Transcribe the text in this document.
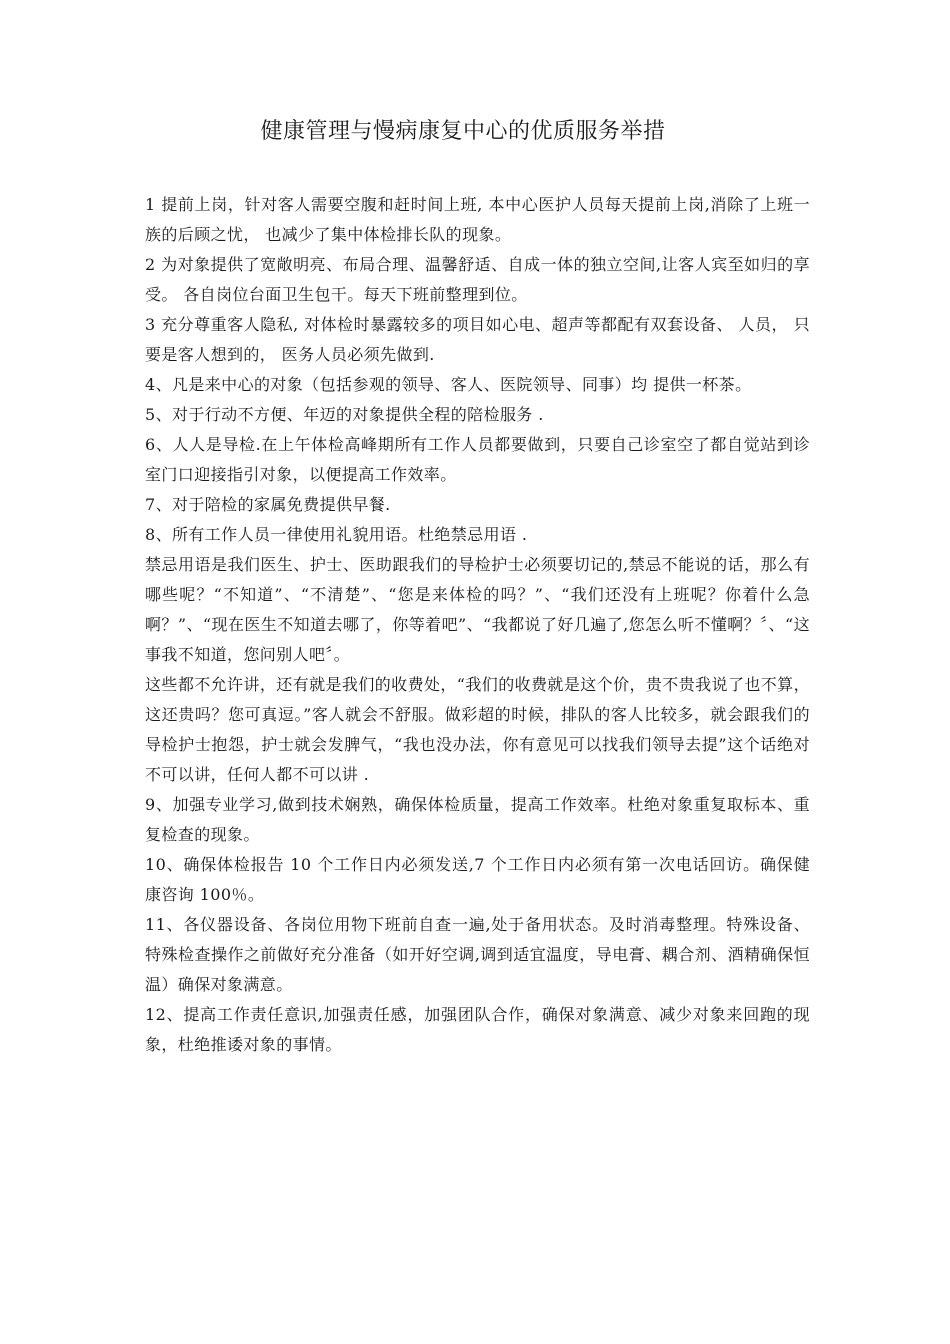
健康管理与慢病康复中心的优质服务举措

1 提前上岗，针对客人需要空腹和赶时间上班, 本中心医护人员每天提前上岗,消除了上班一族的后顾之忧， 也减少了集中体检排长队的现象。

2 为对象提供了宽敞明亮、布局合理、温馨舒适、自成一体的独立空间,让客人宾至如归的享受。 各自岗位台面卫生包干。每天下班前整理到位。

3 充分尊重客人隐私, 对体检时暴露较多的项目如心电、超声等都配有双套设备、 人员， 只要是客人想到的， 医务人员必须先做到.

4、凡是来中心的对象（包括参观的领导、客人、医院领导、同事）均 提供一杯茶。

5、对于行动不方便、年迈的对象提供全程的陪检服务 .

6、人人是导检.在上午体检高峰期所有工作人员都要做到，只要自己诊室空了都自觉站到诊室门口迎接指引对象，以便提高工作效率。

7、对于陪检的家属免费提供早餐.

8、所有工作人员一律使用礼貌用语。杜绝禁忌用语 .

禁忌用语是我们医生、护士、医助跟我们的导检护士必须要切记的,禁忌不能说的话，那么有哪些呢？“不知道”、“不清楚”、“您是来体检的吗？”、“我们还没有上班呢？你着什么急啊？”、“现在医生不知道去哪了，你等着吧”、“我都说了好几遍了,您怎么听不懂啊？〞、“这事我不知道，您问别人吧〞。

这些都不允许讲，还有就是我们的收费处，“我们的收费就是这个价，贵不贵我说了也不算，这还贵吗？您可真逗。”客人就会不舒服。做彩超的时候，排队的客人比较多，就会跟我们的导检护士抱怨，护士就会发脾气，“我也没办法，你有意见可以找我们领导去提”这个话绝对不可以讲，任何人都不可以讲 .

9、加强专业学习,做到技术娴熟，确保体检质量，提高工作效率。杜绝对象重复取标本、重复检查的现象。

10、确保体检报告 10 个工作日内必须发送,7 个工作日内必须有第一次电话回访。确保健康咨询 100％。

11、各仪器设备、各岗位用物下班前自查一遍,处于备用状态。及时消毒整理。特殊设备、特殊检查操作之前做好充分准备（如开好空调,调到适宜温度，导电膏、耦合剂、酒精确保恒温）确保对象满意。

12、提高工作责任意识,加强责任感，加强团队合作，确保对象满意、减少对象来回跑的现象，杜绝推诿对象的事情。
